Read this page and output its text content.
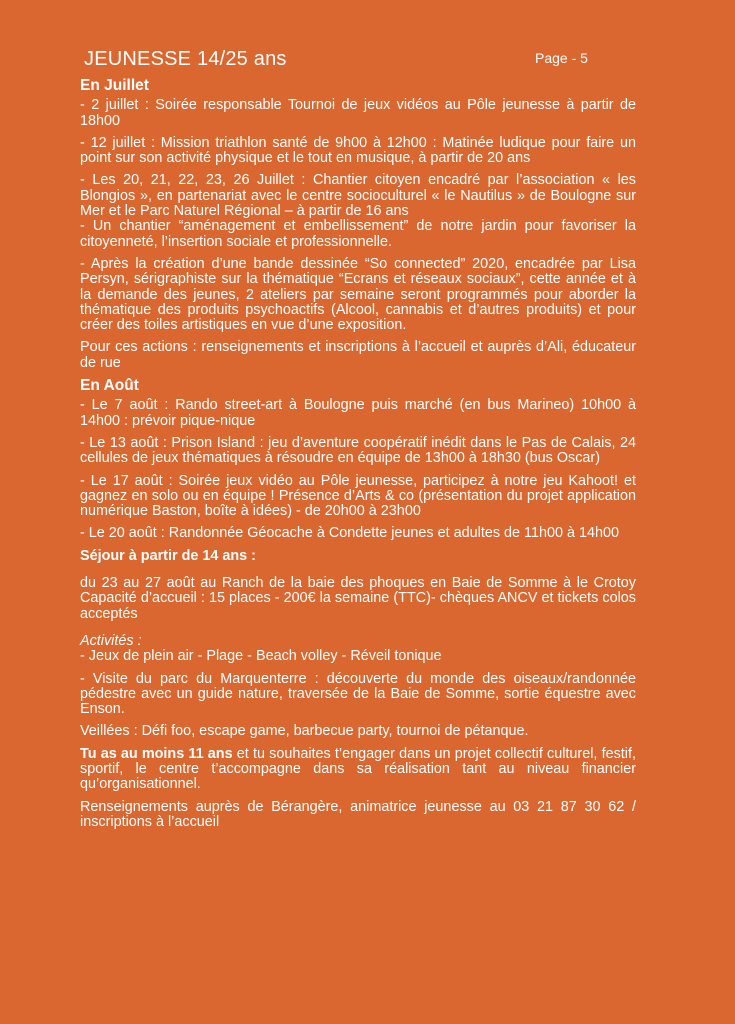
JEUNESSE 14/25 ans	Page - 5
En Juillet

- 2 juillet : Soirée responsable Tournoi de jeux vidéos au Pôle jeunesse à partir de 18h00

- 12 juillet : Mission triathlon santé de 9h00 à 12h00 : Matinée ludique pour faire un point sur son activité physique et le tout en musique, à partir de 20 ans

- Les 20, 21, 22, 23, 26 Juillet : Chantier citoyen encadré par l’association « les Blongios », en partenariat avec le centre socioculturel « le Nautilus » de Boulogne sur Mer et le Parc Naturel Régional – à partir de 16 ans

- Un chantier “aménagement et embellissement” de notre jardin pour favoriser la citoyenneté, l’insertion sociale et professionnelle.

- Après la création d’une bande dessinée “So connected” 2020, encadrée par Lisa Persyn, sérigraphiste sur la thématique “Ecrans et réseaux sociaux”, cette année et à la demande des jeunes, 2 ateliers par semaine seront programmés pour aborder la thématique des produits psychoactifs (Alcool, cannabis et d’autres produits) et pour créer des toiles artistiques en vue d’une exposition.

Pour ces actions : renseignements et inscriptions à l’accueil et auprès d’Ali, éducateur de rue

En Août

- Le 7 août : Rando street-art à Boulogne puis marché (en bus Marineo) 10h00 à 14h00 : prévoir pique-nique

- Le 13 août : Prison Island : jeu d’aventure coopératif inédit dans le Pas de Calais, 24 cellules de jeux thématiques à résoudre en équipe de 13h00 à 18h30 (bus Oscar)

- Le 17 août : Soirée jeux vidéo au Pôle jeunesse, participez à notre jeu Kahoot! et gagnez en solo ou en équipe ! Présence d’Arts & co (présentation du projet application numérique Baston, boîte à idées) - de 20h00 à 23h00

- Le 20 août : Randonnée Géocache à Condette jeunes et adultes de 11h00 à 14h00

Séjour à partir de 14 ans :

du 23 au 27 août au Ranch de la baie des phoques en Baie de Somme à le Crotoy Capacité d’accueil : 15 places - 200€ la semaine (TTC)- chèques ANCV et tickets colos acceptés

Activités :

- Jeux de plein air - Plage - Beach volley - Réveil tonique

- Visite du parc du Marquenterre : découverte du monde des oiseaux/randonnée pédestre avec un guide nature, traversée de la Baie de Somme, sortie équestre avec Enson.

Veillées : Défi foo, escape game, barbecue party, tournoi de pétanque.

Tu as au moins 11 ans et tu souhaites t’engager dans un projet collectif culturel, festif, sportif, le centre t’accompagne dans sa réalisation tant au niveau financier qu’organisationnel.

Renseignements auprès de Bérangère, animatrice jeunesse au 03 21 87 30 62 / inscriptions à l’accueil
